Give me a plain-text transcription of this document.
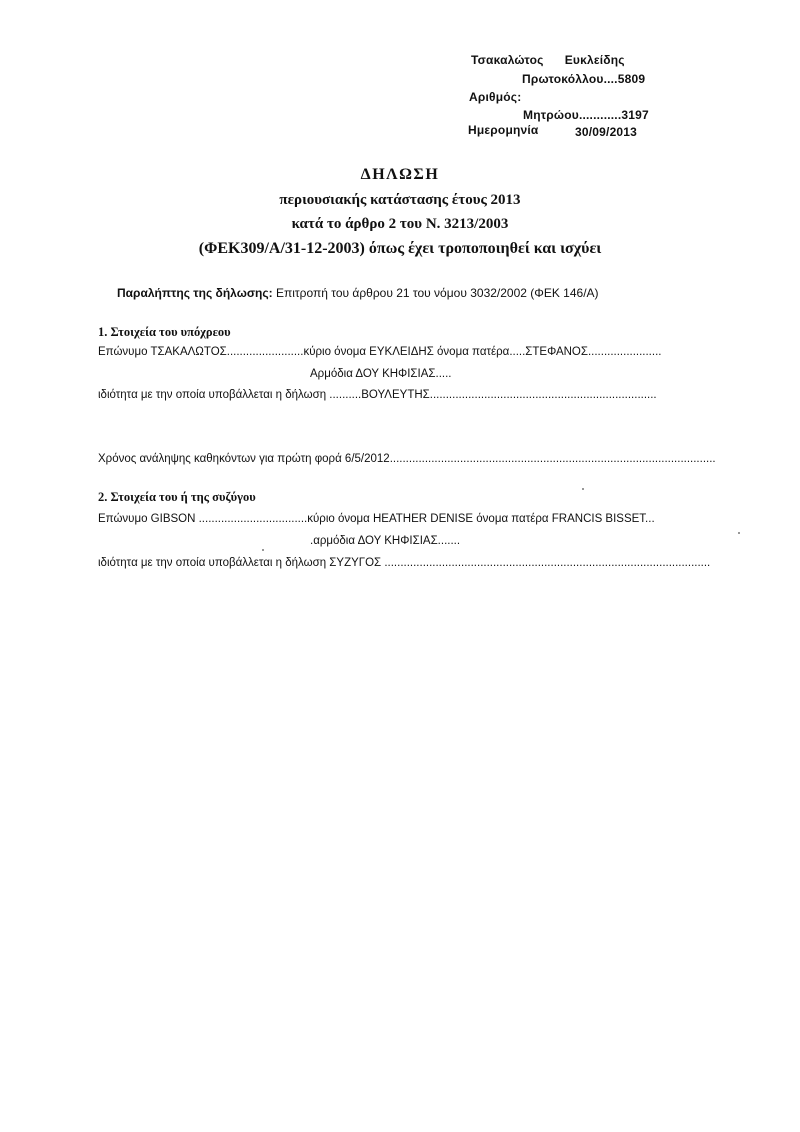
Τσακαλώτος Ευκλείδης
Πρωτοκόλλου....5809
Αριθμός:
Μητρώου............3197
Ημερομηνία	30/09/2013
ΔΗΛΩΣΗ
περιουσιακής κατάστασης έτους 2013
κατά το άρθρο 2 του Ν. 3213/2003
(ΦΕΚ309/Α/31-12-2003) όπως έχει τροποποιηθεί και ισχύει
Παραλήπτης της δήλωσης: Επιτροπή του άρθρου 21 του νόμου 3032/2002 (ΦΕΚ 146/Α)
1. Στοιχεία του υπόχρεου
Επώνυμο ΤΣΑΚΑΛΩΤΟΣ........................κύριο όνομα ΕΥΚΛΕΙΔΗΣ όνομα πατέρα.....ΣΤΕΦΑΝΟΣ.......................
Αρμόδια ΔΟΥ ΚΗΦΙΣΙΑΣ.....
ιδιότητα με την οποία υποβάλλεται η δήλωση ..........ΒΟΥΛΕΥΤΗΣ.......................................................................
Χρόνος ανάληψης καθηκόντων για πρώτη φορά 6/5/2012......................................................................................................
2. Στοιχεία του ή της συζύγου
Επώνυμο GIBSON ..................................κύριο όνομα HEATHER DENISE όνομα πατέρα FRANCIS BISSET...
.αρμόδια ΔΟΥ ΚΗΦΙΣΙΑΣ.......
ιδιότητα με την οποία υποβάλλεται η δήλωση ΣΥΖΥΓΟΣ ......................................................................................................
